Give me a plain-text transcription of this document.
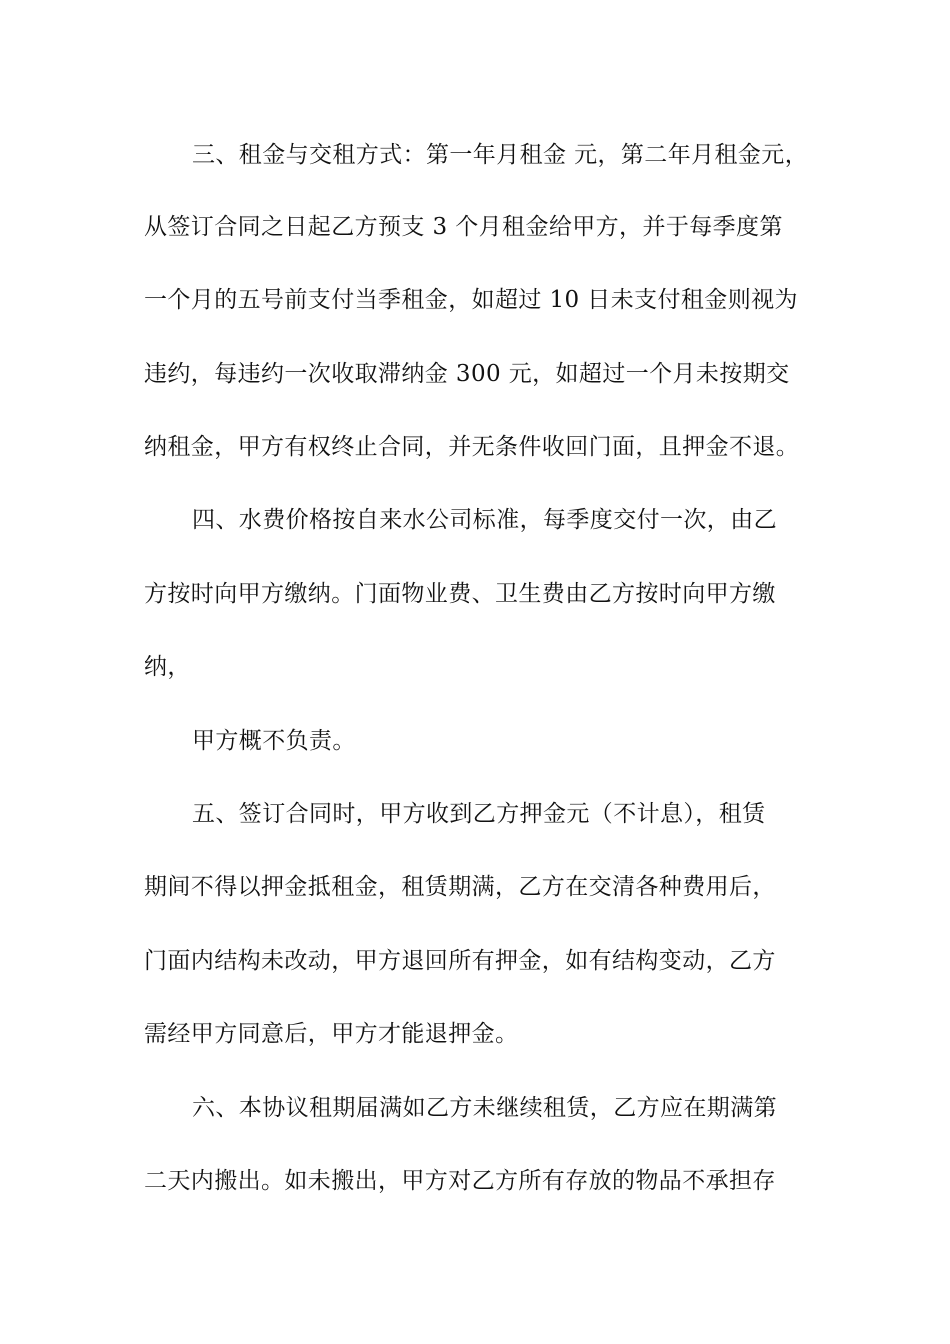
三、租金与交租方式：第一年月租金 元，第二年月租金元，
从签订合同之日起乙方预支 3 个月租金给甲方，并于每季度第
一个月的五号前支付当季租金，如超过 10 日未支付租金则视为
违约，每违约一次收取滞纳金 300 元，如超过一个月未按期交
纳租金，甲方有权终止合同，并无条件收回门面，且押金不退。
四、水费价格按自来水公司标准，每季度交付一次，由乙
方按时向甲方缴纳。门面物业费、卫生费由乙方按时向甲方缴
纳，
甲方概不负责。
五、签订合同时，甲方收到乙方押金元（不计息），租赁
期间不得以押金抵租金，租赁期满，乙方在交清各种费用后，
门面内结构未改动，甲方退回所有押金，如有结构变动，乙方
需经甲方同意后，甲方才能退押金。
六、本协议租期届满如乙方未继续租赁，乙方应在期满第
二天内搬出。如未搬出，甲方对乙方所有存放的物品不承担存
